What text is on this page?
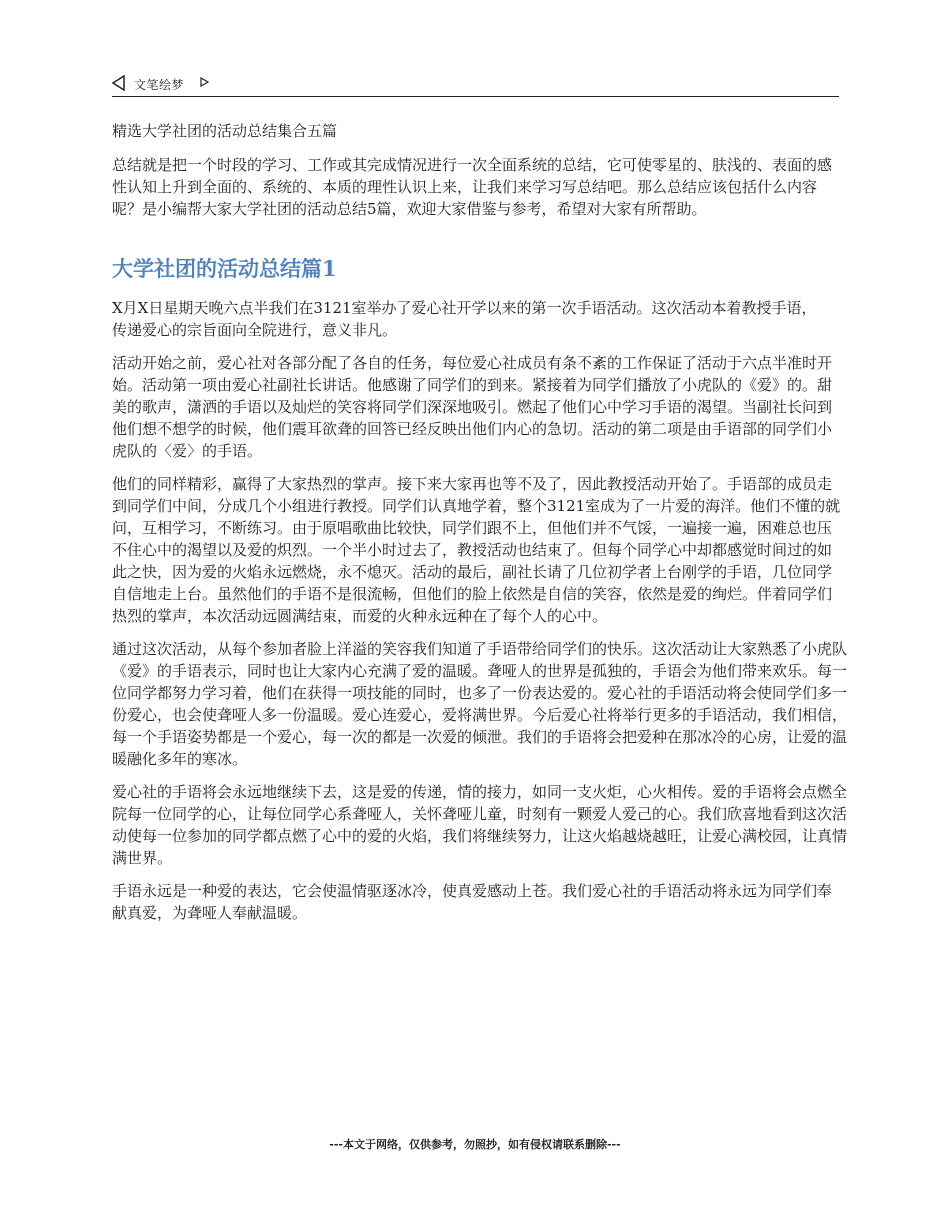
文笔绘梦
精选大学社团的活动总结集合五篇

总结就是把一个时段的学习、工作或其完成情况进行一次全面系统的总结，它可使零星的、肤浅的、表面的感性认知上升到全面的、系统的、本质的理性认识上来，让我们来学习写总结吧。那么总结应该包括什么内容呢？是小编帮大家大学社团的活动总结5篇，欢迎大家借鉴与参考，希望对大家有所帮助。

大学社团的活动总结篇1

X月X日星期天晚六点半我们在3121室举办了爱心社开学以来的第一次手语活动。这次活动本着教授手语，传递爱心的宗旨面向全院进行，意义非凡。

活动开始之前，爱心社对各部分配了各自的任务，每位爱心社成员有条不紊的工作保证了活动于六点半准时开始。活动第一项由爱心社副社长讲话。他感谢了同学们的到来。紧接着为同学们播放了小虎队的《爱》的。甜美的歌声，潇洒的手语以及灿烂的笑容将同学们深深地吸引。燃起了他们心中学习手语的渴望。当副社长问到他们想不想学的时候，他们震耳欲聋的回答已经反映出他们内心的急切。活动的第二项是由手语部的同学们小虎队的〈爱〉的手语。

他们的同样精彩，赢得了大家热烈的掌声。接下来大家再也等不及了，因此教授活动开始了。手语部的成员走到同学们中间，分成几个小组进行教授。同学们认真地学着，整个3121室成为了一片爱的海洋。他们不懂的就问，互相学习，不断练习。由于原唱歌曲比较快，同学们跟不上，但他们并不气馁，一遍接一遍，困难总也压不住心中的渴望以及爱的炽烈。一个半小时过去了，教授活动也结束了。但每个同学心中却都感觉时间过的如此之快，因为爱的火焰永远燃烧，永不熄灭。活动的最后，副社长请了几位初学者上台刚学的手语，几位同学自信地走上台。虽然他们的手语不是很流畅，但他们的脸上依然是自信的笑容，依然是爱的绚烂。伴着同学们热烈的掌声，本次活动远圆满结束，而爱的火种永远种在了每个人的心中。

通过这次活动，从每个参加者脸上洋溢的笑容我们知道了手语带给同学们的快乐。这次活动让大家熟悉了小虎队《爱》的手语表示，同时也让大家内心充满了爱的温暖。聋哑人的世界是孤独的，手语会为他们带来欢乐。每一位同学都努力学习着，他们在获得一项技能的同时，也多了一份表达爱的。爱心社的手语活动将会使同学们多一份爱心，也会使聋哑人多一份温暖。爱心连爱心，爱将满世界。今后爱心社将举行更多的手语活动，我们相信，每一个手语姿势都是一个爱心，每一次的都是一次爱的倾泄。我们的手语将会把爱种在那冰冷的心房，让爱的温暖融化多年的寒冰。

爱心社的手语将会永远地继续下去，这是爱的传递，情的接力，如同一支火炬，心火相传。爱的手语将会点燃全院每一位同学的心，让每位同学心系聋哑人，关怀聋哑儿童，时刻有一颗爱人爱己的心。我们欣喜地看到这次活动使每一位参加的同学都点燃了心中的爱的火焰，我们将继续努力，让这火焰越烧越旺，让爱心满校园，让真情满世界。

手语永远是一种爱的表达，它会使温情驱逐冰冷，使真爱感动上苍。我们爱心社的手语活动将永远为同学们奉献真爱，为聋哑人奉献温暖。

---本文于网络，仅供参考，勿照抄，如有侵权请联系删除---
